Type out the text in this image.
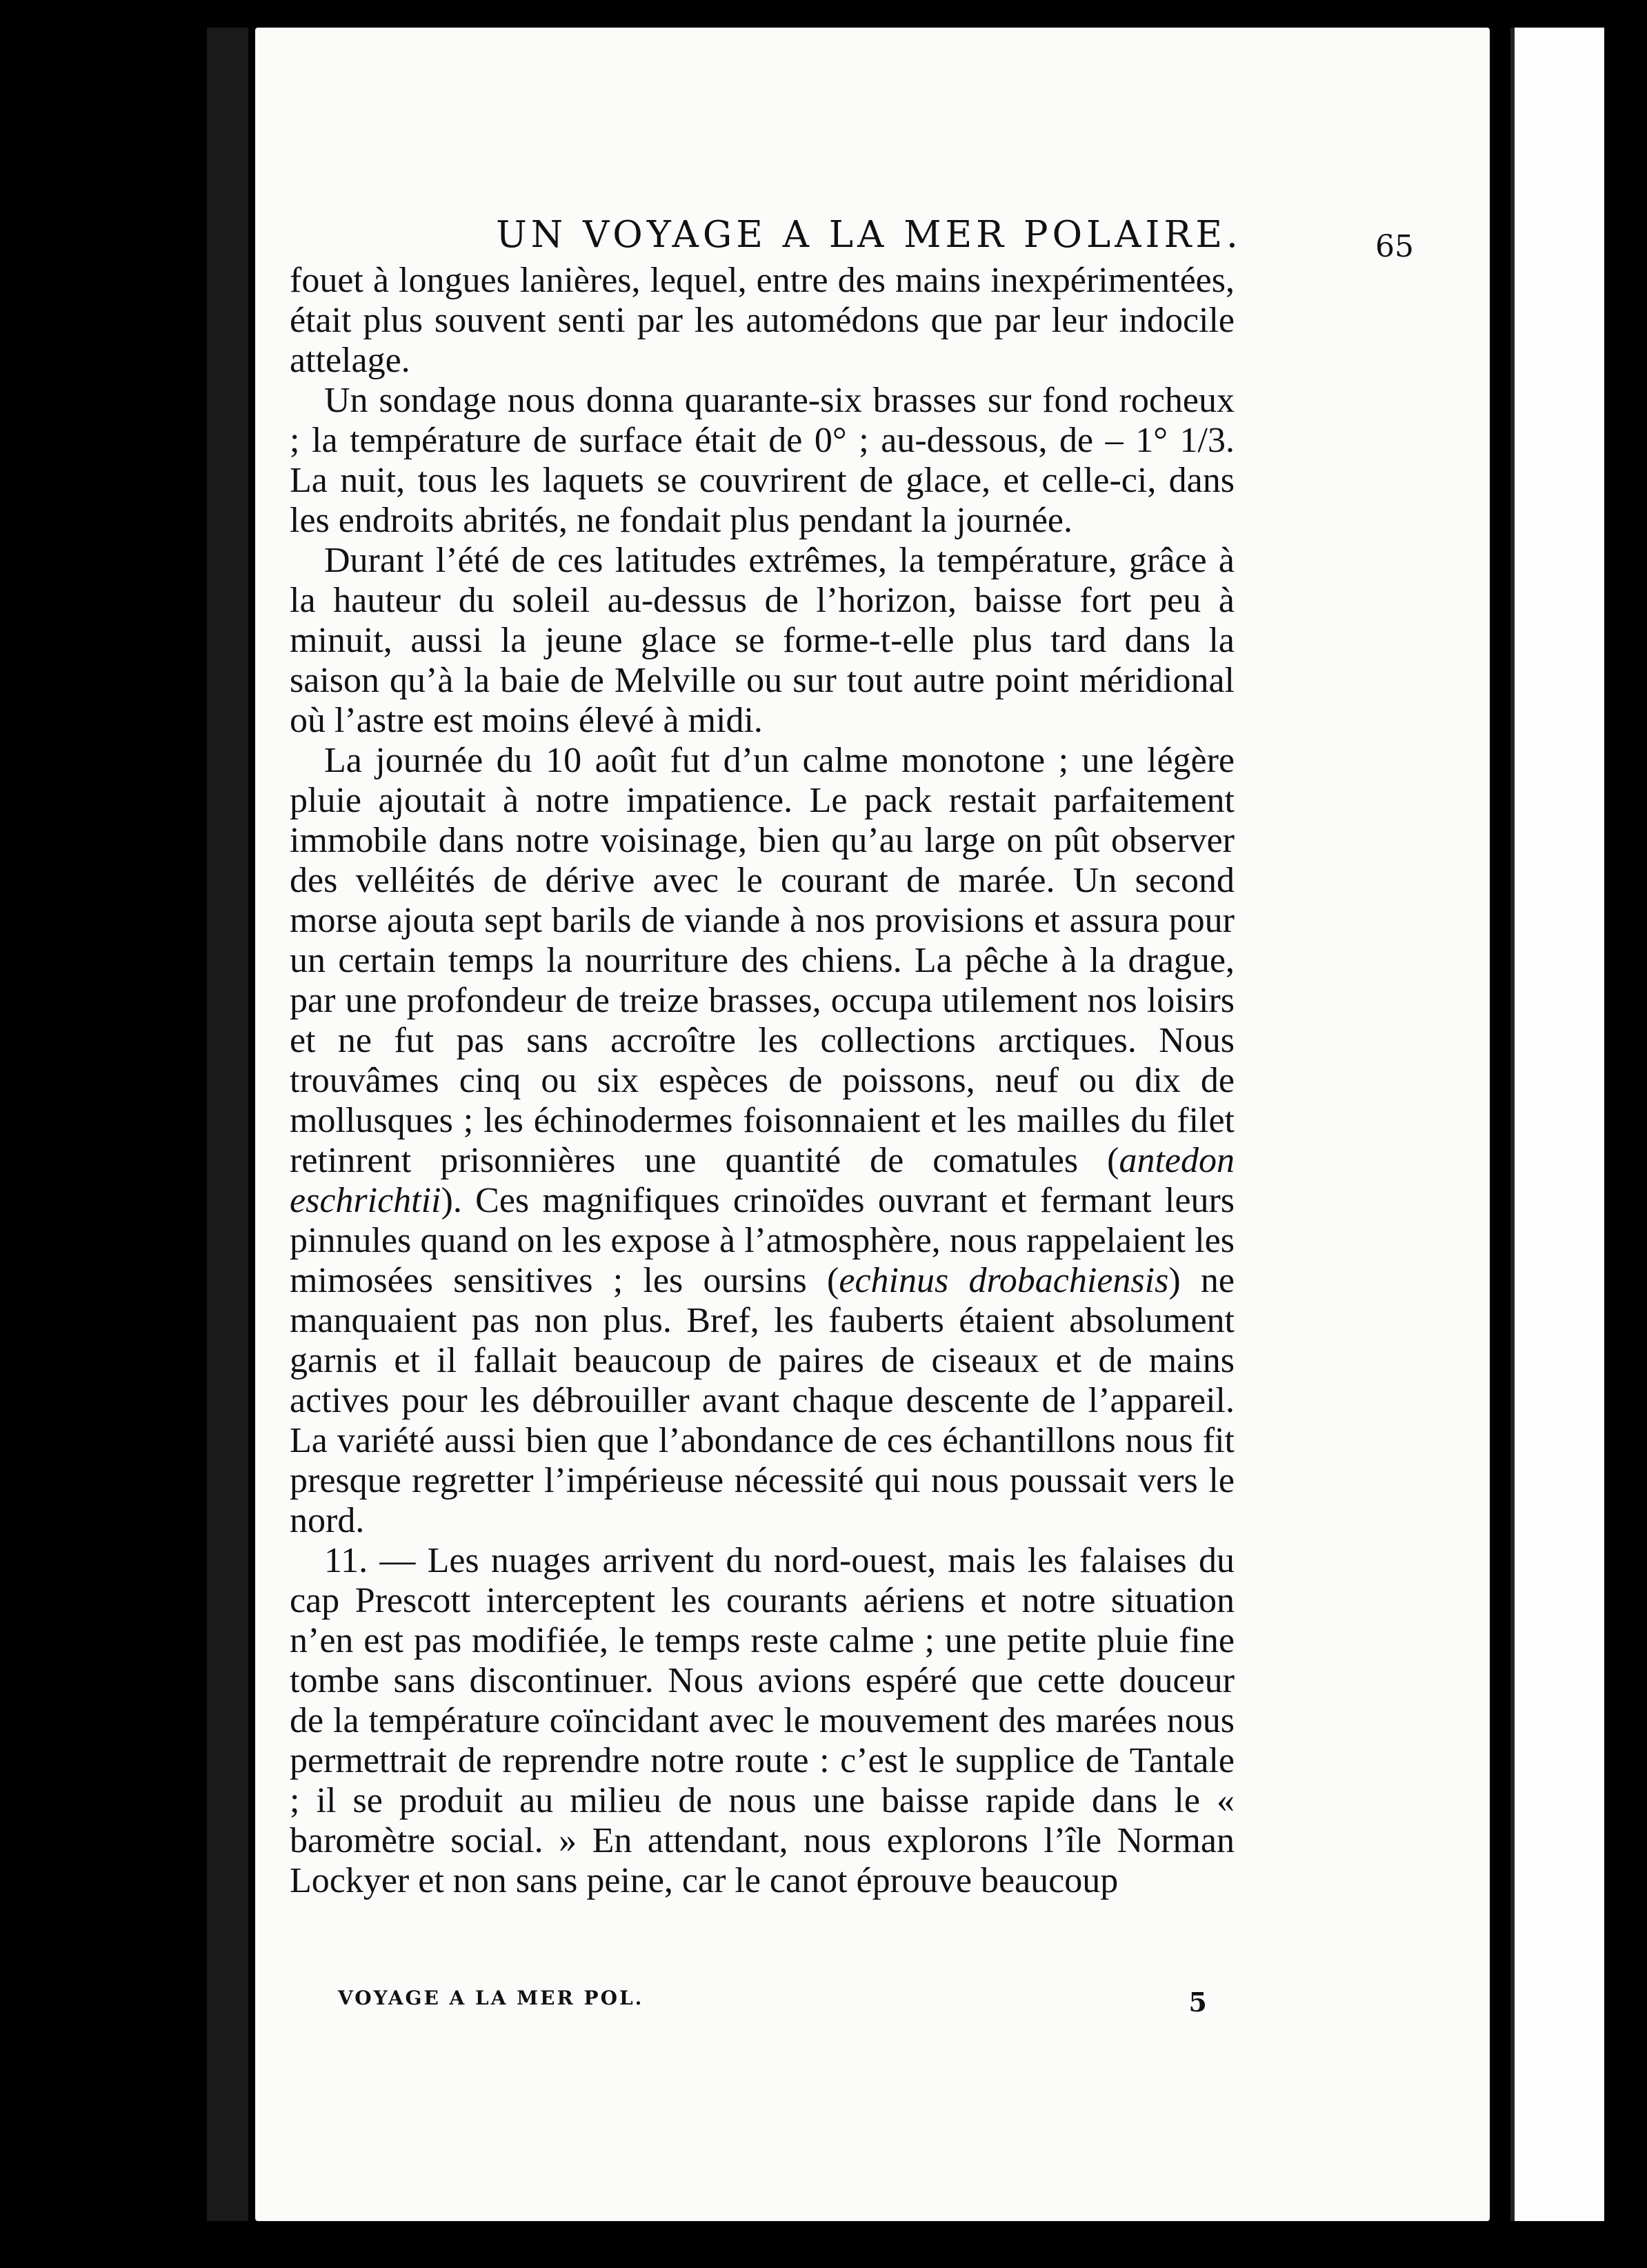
UN VOYAGE A LA MER POLAIRE.	65

fouet à longues lanières, lequel, entre des mains inexpérimentées, était plus souvent senti par les automédons que par leur indocile attelage.

Un sondage nous donna quarante-six brasses sur fond rocheux ; la température de surface était de 0° ; au-dessous, de – 1° 1/3. La nuit, tous les laquets se couvrirent de glace, et celle-ci, dans les endroits abrités, ne fondait plus pendant la journée.

Durant l’été de ces latitudes extrêmes, la température, grâce à la hauteur du soleil au-dessus de l’horizon, baisse fort peu à minuit, aussi la jeune glace se forme-t-elle plus tard dans la saison qu’à la baie de Melville ou sur tout autre point méridional où l’astre est moins élevé à midi.

La journée du 10 août fut d’un calme monotone ; une légère pluie ajoutait à notre impatience. Le pack restait parfaitement immobile dans notre voisinage, bien qu’au large on pût observer des velléités de dérive avec le courant de marée. Un second morse ajouta sept barils de viande à nos provisions et assura pour un certain temps la nourriture des chiens. La pêche à la drague, par une profondeur de treize brasses, occupa utilement nos loisirs et ne fut pas sans accroître les collections arctiques. Nous trouvâmes cinq ou six espèces de poissons, neuf ou dix de mollusques ; les échinodermes foisonnaient et les mailles du filet retinrent prisonnières une quantité de comatules (antedon eschrichtii). Ces magnifiques crinoïdes ouvrant et fermant leurs pinnules quand on les expose à l’atmosphère, nous rappelaient les mimosées sensitives ; les oursins (echinus drobachiensis) ne manquaient pas non plus. Bref, les fauberts étaient absolument garnis et il fallait beaucoup de paires de ciseaux et de mains actives pour les débrouiller avant chaque descente de l’appareil. La variété aussi bien que l’abondance de ces échantillons nous fit presque regretter l’impérieuse nécessité qui nous poussait vers le nord.

11. — Les nuages arrivent du nord-ouest, mais les falaises du cap Prescott interceptent les courants aériens et notre situation n’en est pas modifiée, le temps reste calme ; une petite pluie fine tombe sans discontinuer. Nous avions espéré que cette douceur de la température coïncidant avec le mouvement des marées nous permettrait de reprendre notre route : c’est le supplice de Tantale ; il se produit au milieu de nous une baisse rapide dans le « baromètre social. » En attendant, nous explorons l’île Norman Lockyer et non sans peine, car le canot éprouve beaucoup

VOYAGE A LA MER POL.	5
